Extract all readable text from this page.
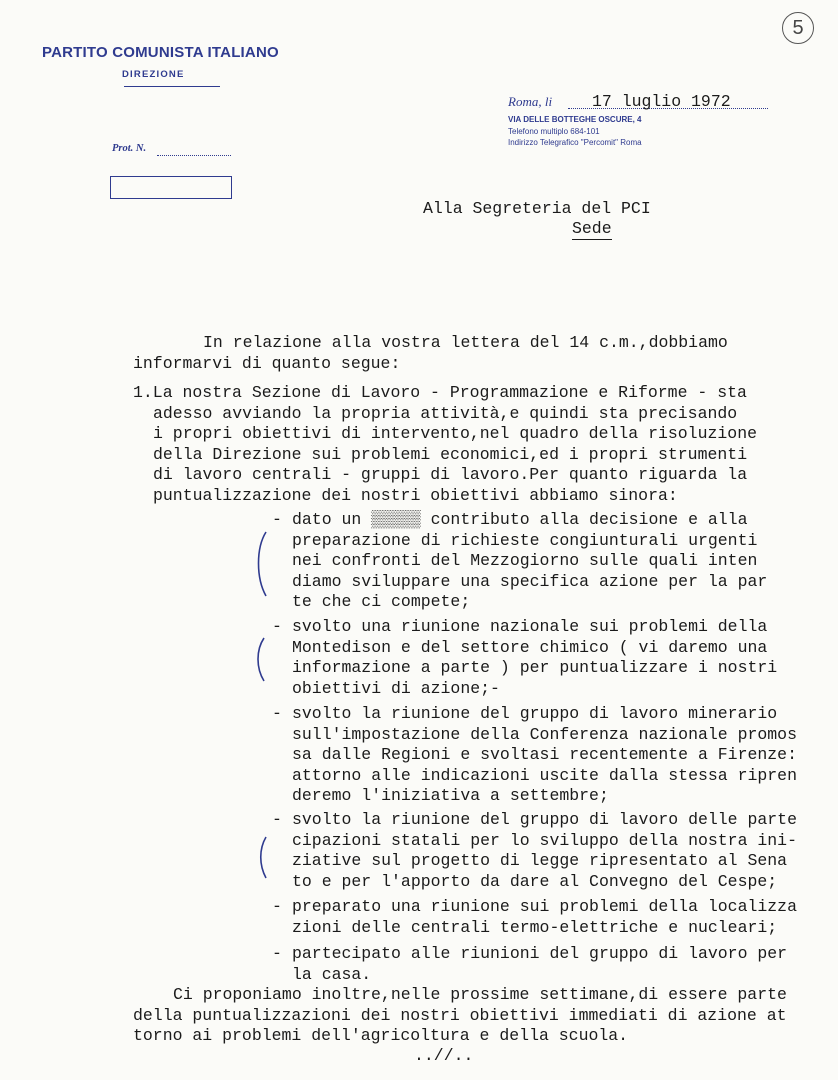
5
PARTITO COMUNISTA ITALIANO
DIREZIONE
Prot. N.
Roma, li 17 luglio 1972
VIA DELLE BOTTEGHE OSCURE, 4
Telefono multiplo 684-101
Indirizzo Telegrafico "Percomit" Roma
Alla Segreteria del PCI
Sede
In relazione alla vostra lettera del 14 c.m.,dobbiamo
informarvi di quanto segue:
1.La nostra Sezione di Lavoro - Programmazione e Riforme - sta
adesso avviando la propria attività,e quindi sta precisando
i propri obiettivi di intervento,nel quadro della risoluzione
della Direzione sui problemi economici,ed i propri strumenti
di lavoro centrali - gruppi di lavoro.Per quanto riguarda la
puntualizzazione dei nostri obiettivi abbiamo sinora:
- dato un ▒▒▒▒▒ contributo alla decisione e alla
preparazione di richieste congiunturali urgenti
nei confronti del Mezzogiorno sulle quali inten
diamo sviluppare una specifica azione per la par
te che ci compete;
- svolto una riunione nazionale sui problemi della
Montedison e del settore chimico ( vi daremo una
informazione a parte ) per puntualizzare i nostri
obiettivi di azione;-
- svolto la riunione del gruppo di lavoro minerario
sull'impostazione della Conferenza nazionale promos
sa dalle Regioni e svoltasi recentemente a Firenze:
attorno alle indicazioni uscite dalla stessa ripren
deremo l'iniziativa a settembre;
- svolto la riunione del gruppo di lavoro delle parte
cipazioni statali per lo sviluppo della nostra ini-
ziative sul progetto di legge ripresentato al Sena
to e per l'apporto da dare al Convegno del Cespe;
- preparato una riunione sui problemi della localizza
zioni delle centrali termo-elettriche e nucleari;
- partecipato alle riunioni del gruppo di lavoro per
la casa.
Ci proponiamo inoltre,nelle prossime settimane,di essere parte
della puntualizzazioni dei nostri obiettivi immediati di azione at
torno ai problemi dell'agricoltura e della scuola.
..//..
